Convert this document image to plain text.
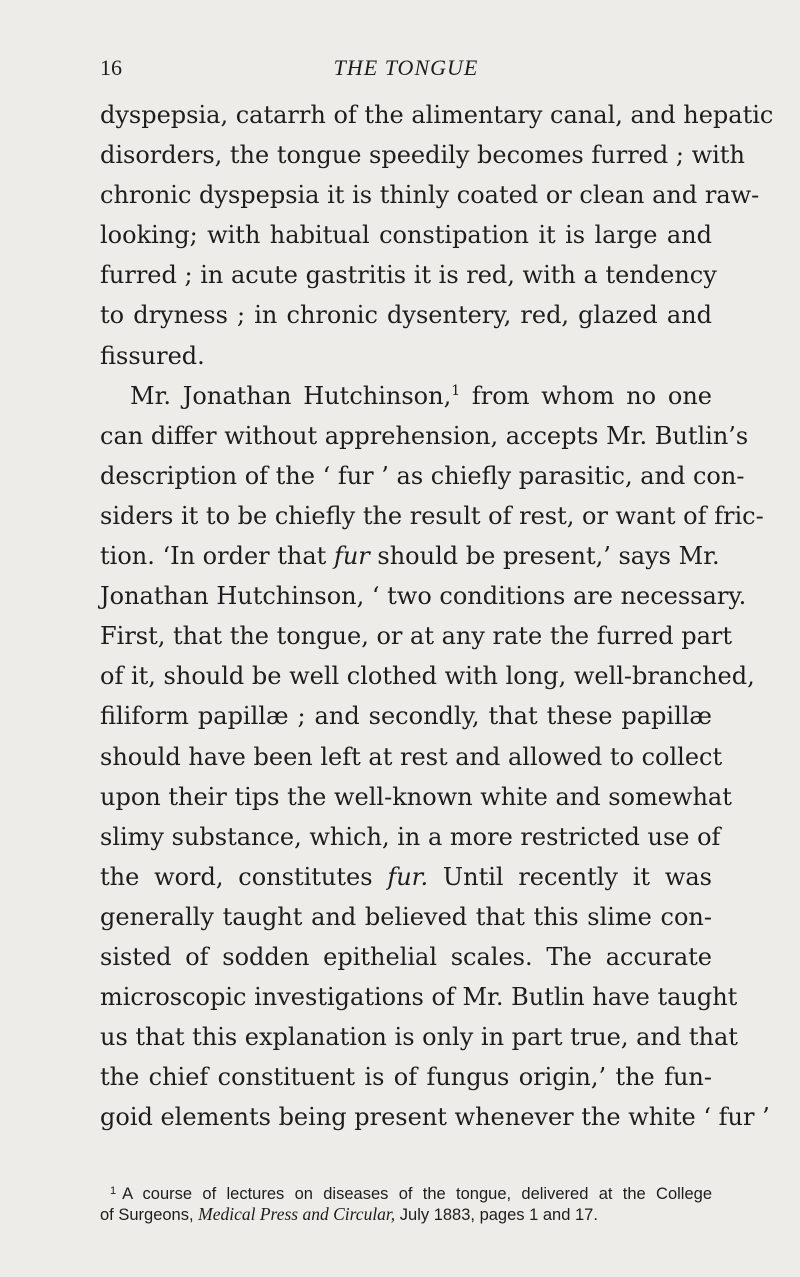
16	THE TONGUE
dyspepsia, catarrh of the alimentary canal, and hepatic
disorders, the tongue speedily becomes furred ; with
chronic dyspepsia it is thinly coated or clean and raw-
looking; with habitual constipation it is large and
furred ; in acute gastritis it is red, with a tendency
to dryness ; in chronic dysentery, red, glazed and
fissured.
Mr. Jonathan Hutchinson,$^1$ from whom no one
can differ without apprehension, accepts Mr. Butlin’s
description of the ‘ fur ’ as chiefly parasitic, and con-
siders it to be chiefly the result of rest, or want of fric-
tion. ‘In order that fur should be present,’ says Mr.
Jonathan Hutchinson, ‘ two conditions are necessary.
First, that the tongue, or at any rate the furred part
of it, should be well clothed with long, well-branched,
filiform papillæ ; and secondly, that these papillæ
should have been left at rest and allowed to collect
upon their tips the well-known white and somewhat
slimy substance, which, in a more restricted use of
the word, constitutes fur. Until recently it was
generally taught and believed that this slime con-
sisted of sodden epithelial scales. The accurate
microscopic investigations of Mr. Butlin have taught
us that this explanation is only in part true, and that
the chief constituent is of fungus origin,’ the fun-
goid elements being present whenever the white ‘ fur ’
$^1$ A course of lectures on diseases of the tongue, delivered at the College
of Surgeons, Medical Press and Circular, July 1883, pages 1 and 17.
